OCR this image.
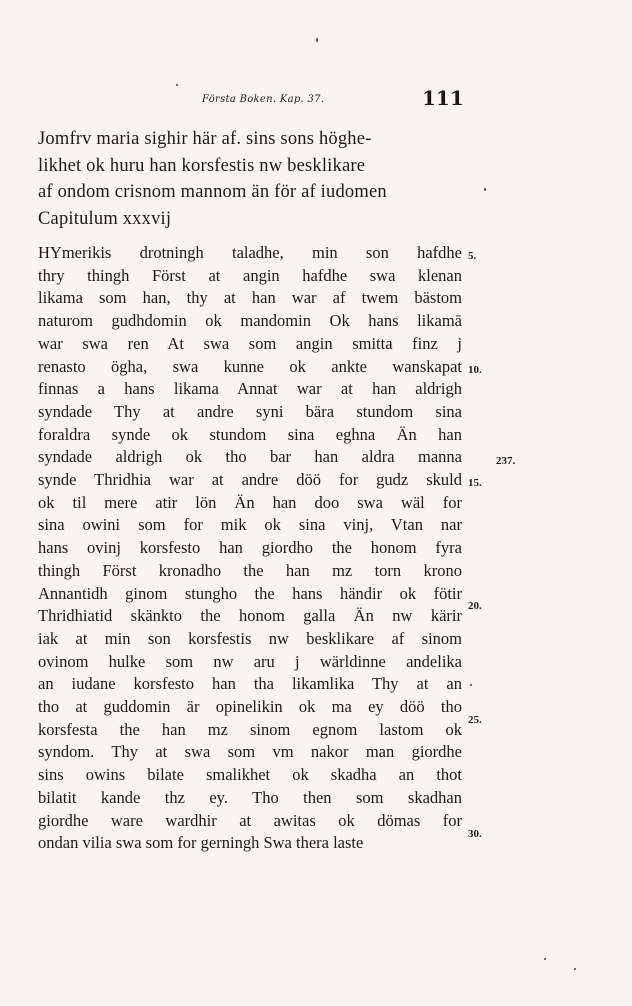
Första Boken. Kap. 37.	111
Jomfrv maria sighir här af. sins sons höghe-
likhet ok huru han korsfestis nw besklikare
af ondom crisnom mannom än för af iudomen
Capitulum xxxvij
HYmerikis drotningh taladhe, min son hafdhe
thry thingh Först at angin hafdhe swa klenan
likama som han, thy at han war af twem bästom
naturom gudhdomin ok mandomin Ok hans likamā
war swa ren At swa som angin smitta finz j
renasto ögha, swa kunne ok ankte wanskapat
finnas a hans likama Annat war at han aldrigh
syndade Thy at andre syni bära stundom sina
foraldra synde ok stundom sina eghna Än han
syndade aldrigh ok tho bar han aldra manna
synde Thridhia war at andre döö for gudz skuld
ok til mere atir lön Än han doo swa wäl for
sina owini som for mik ok sina vinj, Vtan nar
hans ovinj korsfesto han giordho the honom fyra
thingh Först kronadho the han mz torn krono
Annantidh ginom stungho the hans händir ok fötir
Thridhiatid skänkto the honom galla Än nw kärir
iak at min son korsfestis nw besklikare af sinom
ovinom hulke som nw aru j wärldinne andelika
an iudane korsfesto han tha likamlika Thy at an
tho at guddomin är opinelikin ok ma ey döö tho
korsfesta the han mz sinom egnom lastom ok
syndom. Thy at swa som vm nakor man giordhe
sins owins bilate smalikhet ok skadha an thot
bilatit kande thz ey. Tho then som skadhan
giordhe ware wardhir at awitas ok dömas for
ondan vilia swa som for gerningh Swa thera laste
5.
10.
237.
15.
20.
25.
30.
